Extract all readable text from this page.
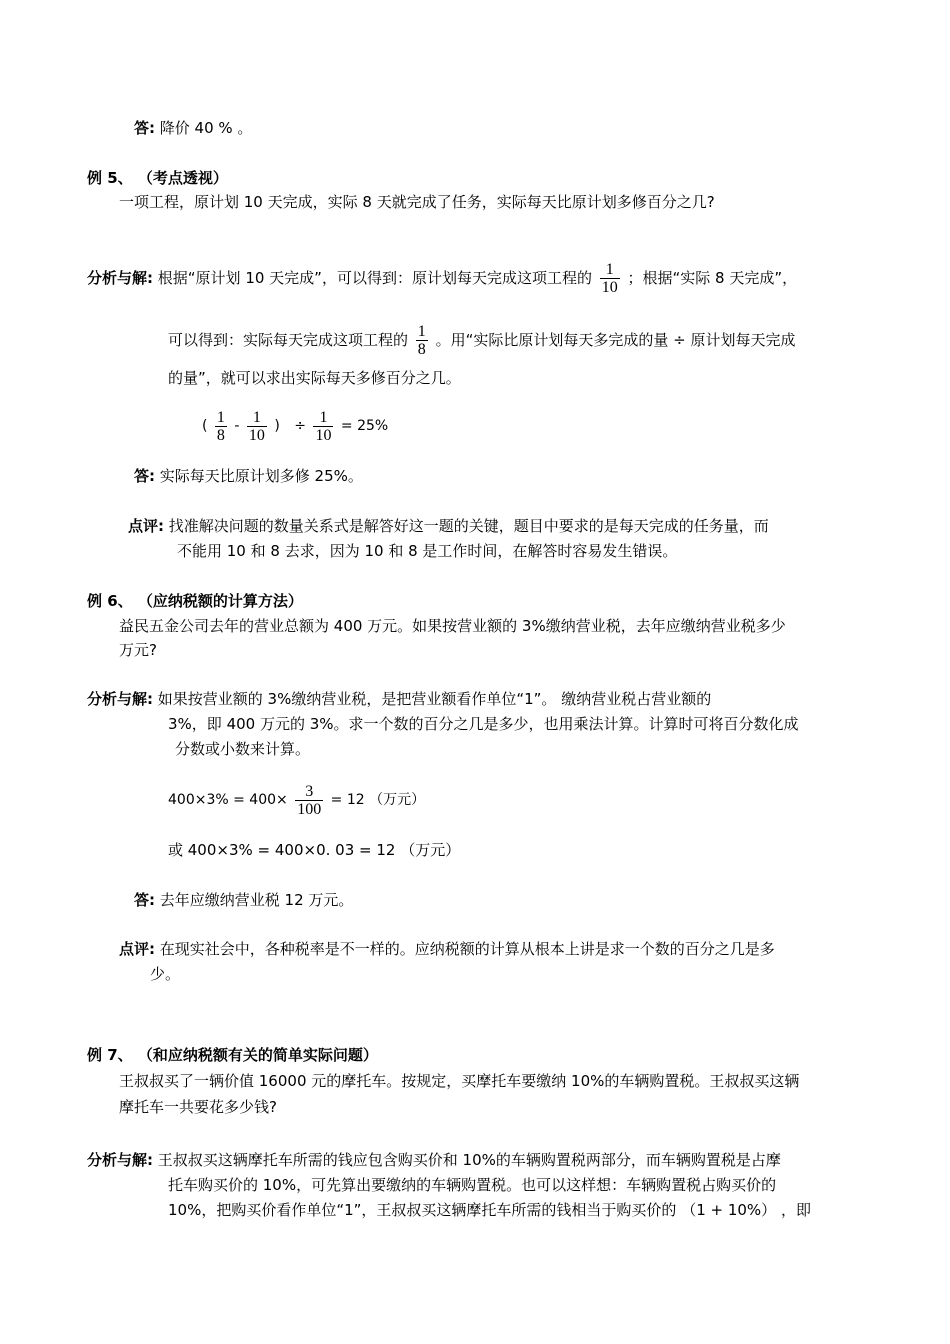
答: 降价 40 % 。
例 5、 （考点透视）
一项工程，原计划 10 天完成，实际 8 天就完成了任务，实际每天比原计划多修百分之几?
分析与解: 根据“原计划 10 天完成”，可以得到：原计划每天完成这项工程的 $\frac{1}{10}$ ；根据“实际 8 天完成”，
可以得到：实际每天完成这项工程的 $\frac{1}{8}$ 。用“实际比原计划每天多完成的量 ÷ 原计划每天完成
的量”，就可以求出实际每天多修百分之几。
( $\frac{1}{8} - \frac{1}{10}$ ) ÷ $\frac{1}{10} = 25\%$
答: 实际每天比原计划多修 25%。
点评: 找准解决问题的数量关系式是解答好这一题的关键，题目中要求的是每天完成的任务量，而
不能用 10 和 8 去求，因为 10 和 8 是工作时间，在解答时容易发生错误。
例 6、 （应纳税额的计算方法）
益民五金公司去年的营业总额为 400 万元。如果按营业额的 3%缴纳营业税，去年应缴纳营业税多少
万元?
分析与解: 如果按营业额的 3%缴纳营业税，是把营业额看作单位“1”。 缴纳营业税占营业额的
3%，即 400 万元的 3%。求一个数的百分之几是多少，也用乘法计算。计算时可将百分数化成
分数或小数来计算。
$400\times 3\% = 400\times \frac{3}{100} = 12$ （万元）
或 400×3% = 400×0. 03 = 12 （万元）
答: 去年应缴纳营业税 12 万元。
点评: 在现实社会中，各种税率是不一样的。应纳税额的计算从根本上讲是求一个数的百分之几是多
少。
例 7、 （和应纳税额有关的简单实际问题）
王叔叔买了一辆价值 16000 元的摩托车。按规定，买摩托车要缴纳 10%的车辆购置税。王叔叔买这辆
摩托车一共要花多少钱?
分析与解: 王叔叔买这辆摩托车所需的钱应包含购买价和 10%的车辆购置税两部分，而车辆购置税是占摩
托车购买价的 10%，可先算出要缴纳的车辆购置税。也可以这样想：车辆购置税占购买价的
10%，把购买价看作单位“1”，王叔叔买这辆摩托车所需的钱相当于购买价的 （1 + 10%） ，即
